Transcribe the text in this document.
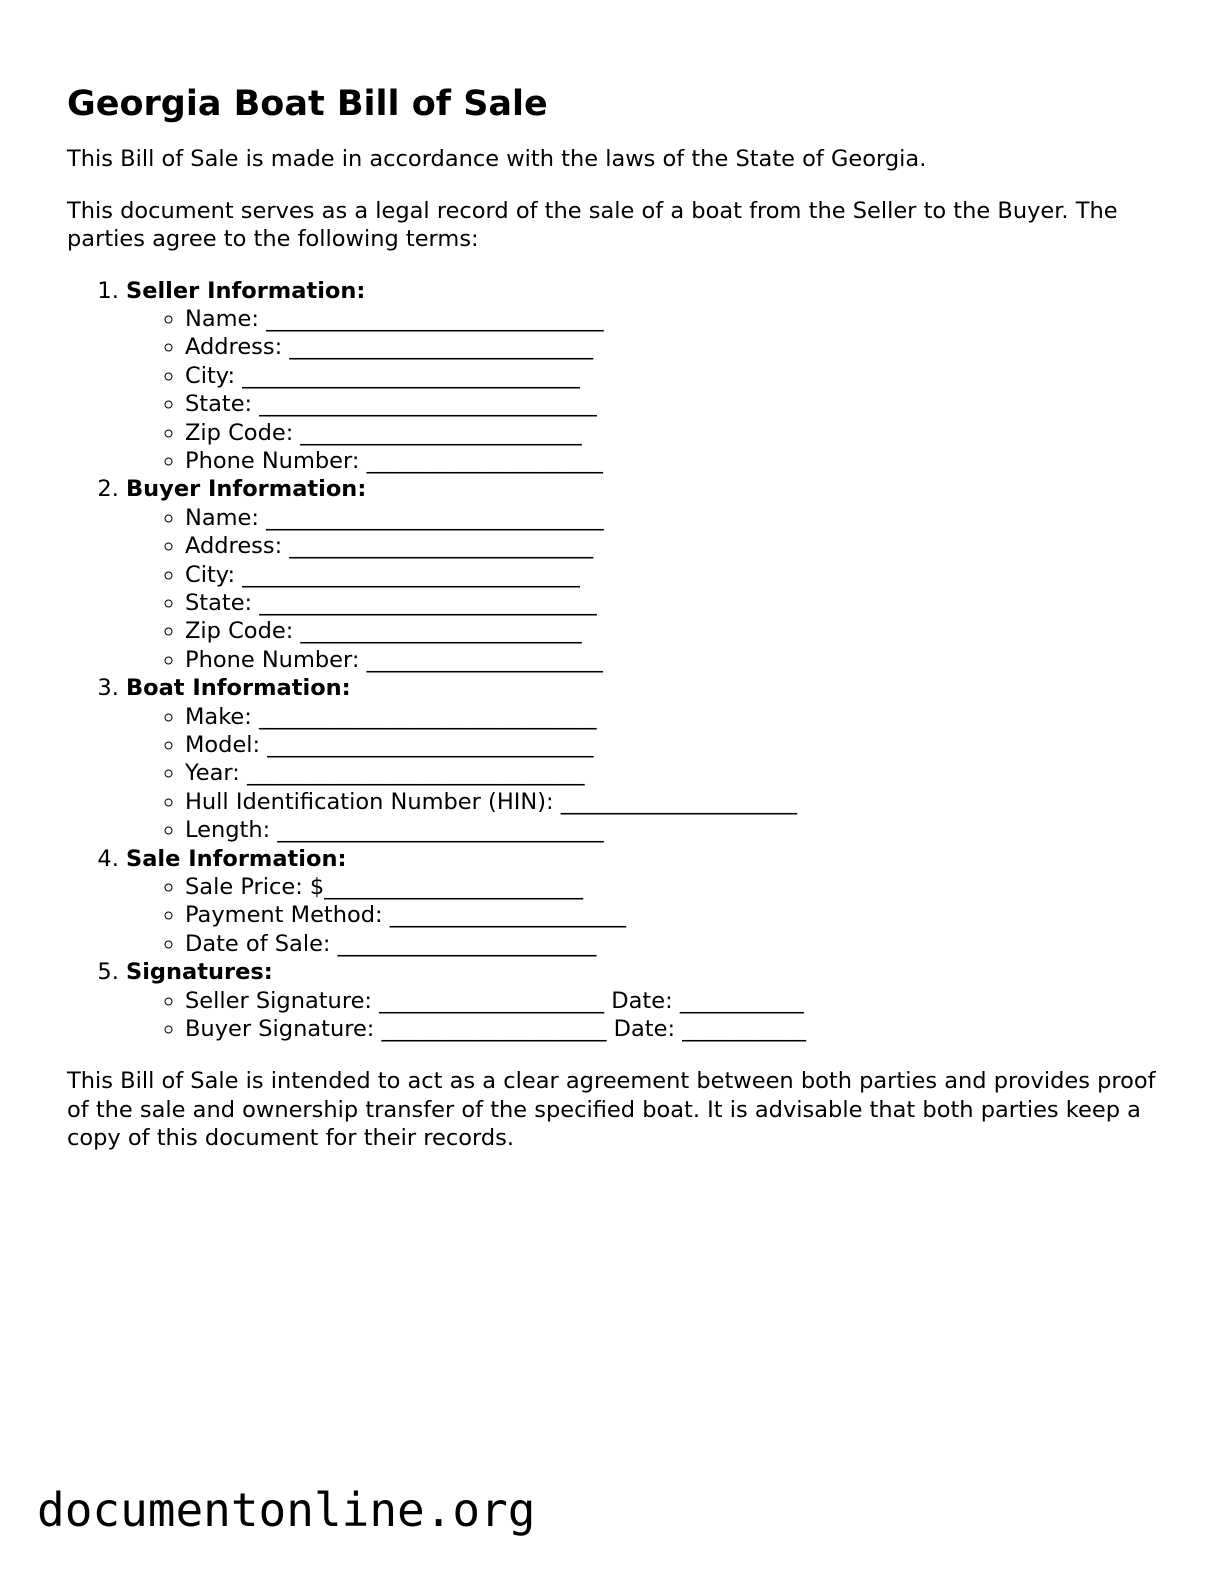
Georgia Boat Bill of Sale

This Bill of Sale is made in accordance with the laws of the State of Georgia.

This document serves as a legal record of the sale of a boat from the Seller to the Buyer. The parties agree to the following terms:

1. Seller Information:
◦ Name: ______________________________
◦ Address: ___________________________
◦ City: ______________________________
◦ State: ______________________________
◦ Zip Code: _________________________
◦ Phone Number: _____________________
2. Buyer Information:
◦ Name: ______________________________
◦ Address: ___________________________
◦ City: ______________________________
◦ State: ______________________________
◦ Zip Code: _________________________
◦ Phone Number: _____________________
3. Boat Information:
◦ Make: ______________________________
◦ Model: _____________________________
◦ Year: ______________________________
◦ Hull Identification Number (HIN): _____________________
◦ Length: _____________________________
4. Sale Information:
◦ Sale Price: $_______________________
◦ Payment Method: _____________________
◦ Date of Sale: _______________________
5. Signatures:
◦ Seller Signature: ____________________ Date: ___________
◦ Buyer Signature: ____________________ Date: ___________

This Bill of Sale is intended to act as a clear agreement between both parties and provides proof of the sale and ownership transfer of the specified boat. It is advisable that both parties keep a copy of this document for their records.

documentonline.org
